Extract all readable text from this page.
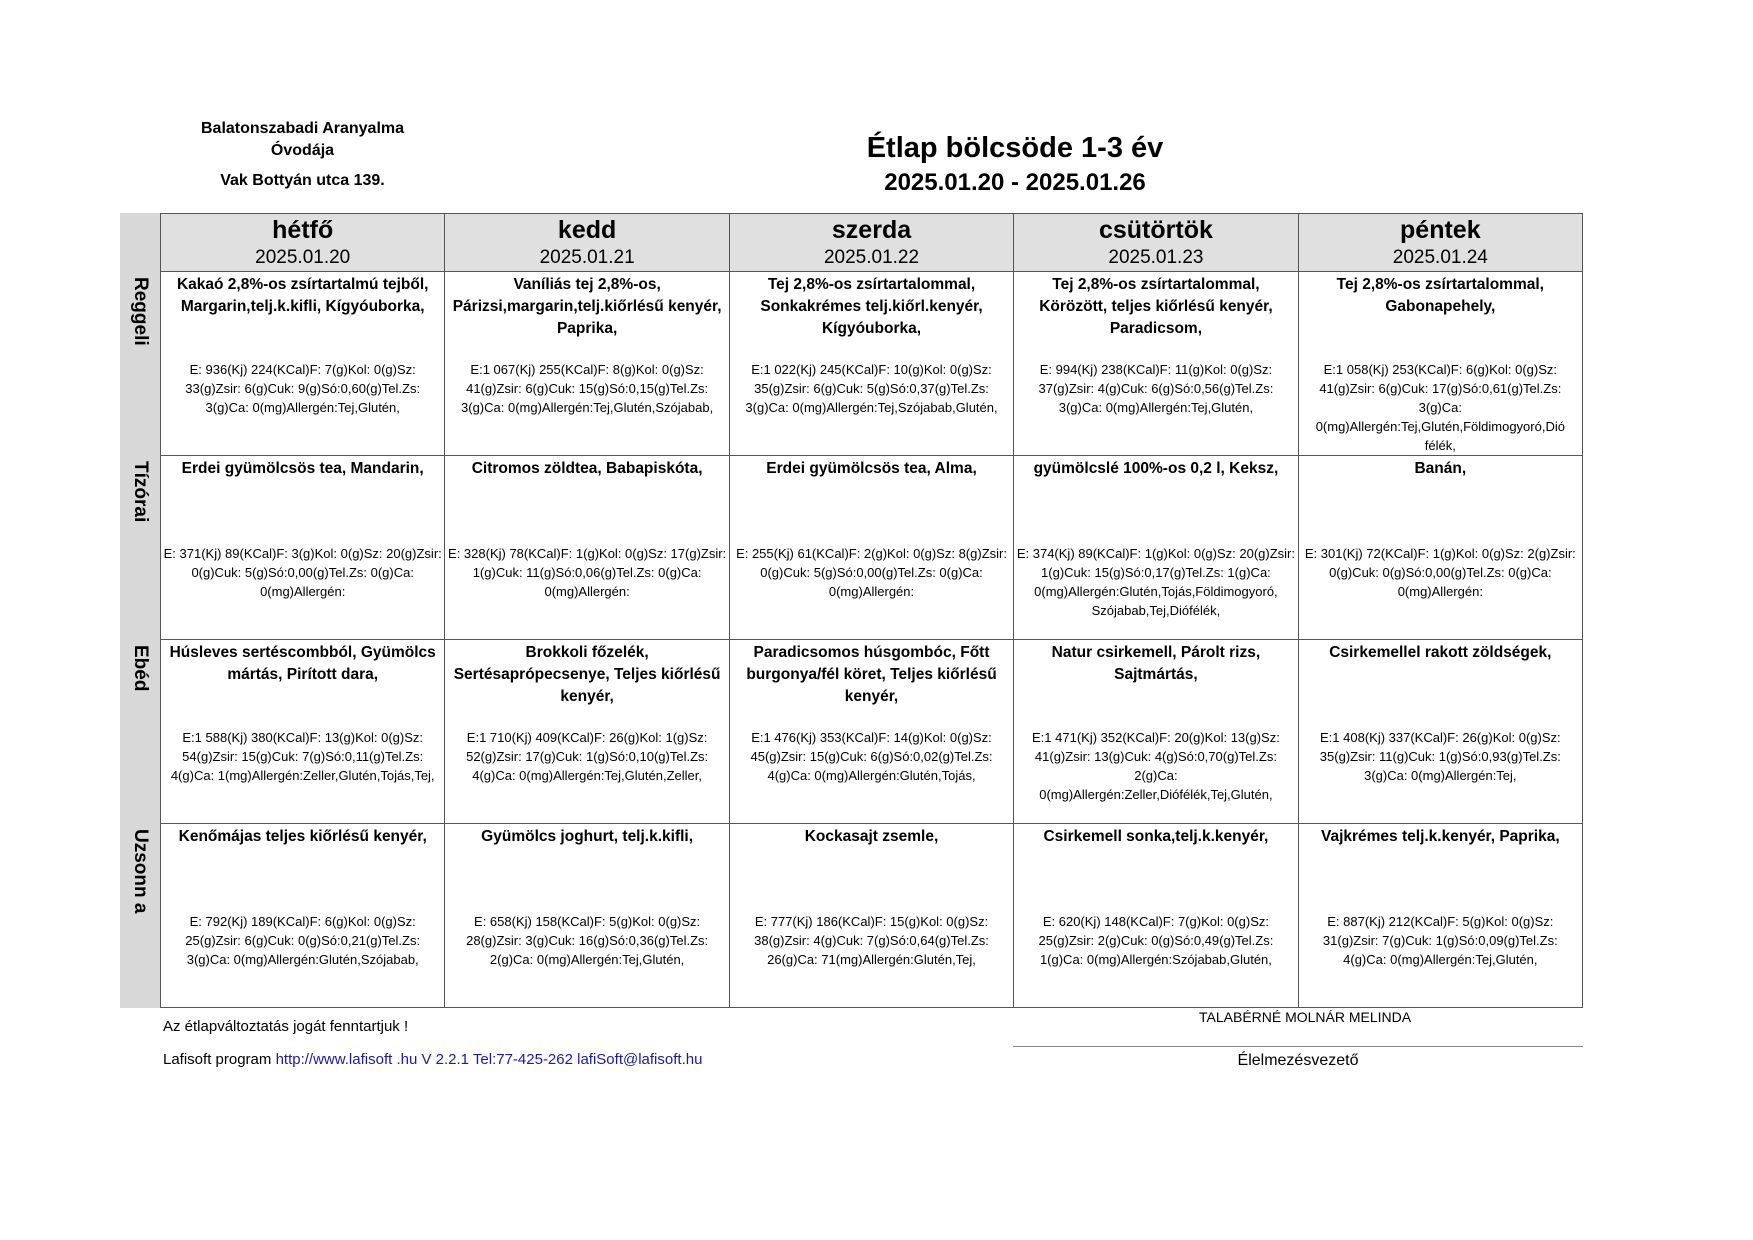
Balatonszabadi Aranyalma
Óvodája
Vak Bottyán utca 139.
Étlap bölcsöde 1-3 év
2025.01.20 - 2025.01.26
Reggeli
Tízórai
Ebéd
Uzsonn a
hétfő
2025.01.20
kedd
2025.01.21
szerda
2025.01.22
csütörtök
2025.01.23
péntek
2025.01.24
Kakaó 2,8%-os zsírtartalmú tejből, Margarin,telj.k.kifli, Kígyóuborka,
E: 936(Kj) 224(KCal)F: 7(g)Kol: 0(g)Sz: 33(g)Zsir: 6(g)Cuk: 9(g)Só:0,60(g)Tel.Zs: 3(g)Ca: 0(mg)Allergén:Tej,Glutén,
Vaníliás tej 2,8%-os, Párizsi,margarin,telj.kiőrlésű kenyér, Paprika,
E:1 067(Kj) 255(KCal)F: 8(g)Kol: 0(g)Sz: 41(g)Zsir: 6(g)Cuk: 15(g)Só:0,15(g)Tel.Zs: 3(g)Ca: 0(mg)Allergén:Tej,Glutén,Szójabab,
Tej 2,8%-os zsírtartalommal, Sonkakrémes telj.kiőrl.kenyér, Kígyóuborka,
E:1 022(Kj) 245(KCal)F: 10(g)Kol: 0(g)Sz: 35(g)Zsir: 6(g)Cuk: 5(g)Só:0,37(g)Tel.Zs: 3(g)Ca: 0(mg)Allergén:Tej,Szójabab,Glutén,
Tej 2,8%-os zsírtartalommal, Körözött, teljes kiőrlésű kenyér, Paradicsom,
E: 994(Kj) 238(KCal)F: 11(g)Kol: 0(g)Sz: 37(g)Zsir: 4(g)Cuk: 6(g)Só:0,56(g)Tel.Zs: 3(g)Ca: 0(mg)Allergén:Tej,Glutén,
Tej 2,8%-os zsírtartalommal, Gabonapehely,
E:1 058(Kj) 253(KCal)F: 6(g)Kol: 0(g)Sz: 41(g)Zsir: 6(g)Cuk: 17(g)Só:0,61(g)Tel.Zs: 3(g)Ca: 0(mg)Allergén:Tej,Glutén,Földimogyoró,Dió félék,
Erdei gyümölcsös tea, Mandarin,
E: 371(Kj) 89(KCal)F: 3(g)Kol: 0(g)Sz: 20(g)Zsir: 0(g)Cuk: 5(g)Só:0,00(g)Tel.Zs: 0(g)Ca: 0(mg)Allergén:
Citromos zöldtea, Babapiskóta,
E: 328(Kj) 78(KCal)F: 1(g)Kol: 0(g)Sz: 17(g)Zsir: 1(g)Cuk: 11(g)Só:0,06(g)Tel.Zs: 0(g)Ca: 0(mg)Allergén:
Erdei gyümölcsös tea, Alma,
E: 255(Kj) 61(KCal)F: 2(g)Kol: 0(g)Sz: 8(g)Zsir: 0(g)Cuk: 5(g)Só:0,00(g)Tel.Zs: 0(g)Ca: 0(mg)Allergén:
gyümölcslé 100%-os 0,2 l, Keksz,
E: 374(Kj) 89(KCal)F: 1(g)Kol: 0(g)Sz: 20(g)Zsir: 1(g)Cuk: 15(g)Só:0,17(g)Tel.Zs: 1(g)Ca: 0(mg)Allergén:Glutén,Tojás,Földimogyoró, Szójabab,Tej,Diófélék,
Banán,
E: 301(Kj) 72(KCal)F: 1(g)Kol: 0(g)Sz: 2(g)Zsir: 0(g)Cuk: 0(g)Só:0,00(g)Tel.Zs: 0(g)Ca: 0(mg)Allergén:
Húsleves sertéscombból, Gyümölcs mártás, Pirított dara,
E:1 588(Kj) 380(KCal)F: 13(g)Kol: 0(g)Sz: 54(g)Zsir: 15(g)Cuk: 7(g)Só:0,11(g)Tel.Zs: 4(g)Ca: 1(mg)Allergén:Zeller,Glutén,Tojás,Tej,
Brokkoli főzelék, Sertésaprópecsenye, Teljes kiőrlésű kenyér,
E:1 710(Kj) 409(KCal)F: 26(g)Kol: 1(g)Sz: 52(g)Zsir: 17(g)Cuk: 1(g)Só:0,10(g)Tel.Zs: 4(g)Ca: 0(mg)Allergén:Tej,Glutén,Zeller,
Paradicsomos húsgombóc, Főtt burgonya/fél köret, Teljes kiőrlésű kenyér,
E:1 476(Kj) 353(KCal)F: 14(g)Kol: 0(g)Sz: 45(g)Zsir: 15(g)Cuk: 6(g)Só:0,02(g)Tel.Zs: 4(g)Ca: 0(mg)Allergén:Glutén,Tojás,
Natur csirkemell, Párolt rizs, Sajtmártás,
E:1 471(Kj) 352(KCal)F: 20(g)Kol: 13(g)Sz: 41(g)Zsir: 13(g)Cuk: 4(g)Só:0,70(g)Tel.Zs: 2(g)Ca: 0(mg)Allergén:Zeller,Diófélék,Tej,Glutén,
Csirkemellel rakott zöldségek,
E:1 408(Kj) 337(KCal)F: 26(g)Kol: 0(g)Sz: 35(g)Zsir: 11(g)Cuk: 1(g)Só:0,93(g)Tel.Zs: 3(g)Ca: 0(mg)Allergén:Tej,
Kenőmájas teljes kiőrlésű kenyér,
E: 792(Kj) 189(KCal)F: 6(g)Kol: 0(g)Sz: 25(g)Zsir: 6(g)Cuk: 0(g)Só:0,21(g)Tel.Zs: 3(g)Ca: 0(mg)Allergén:Glutén,Szójabab,
Gyümölcs joghurt, telj.k.kifli,
E: 658(Kj) 158(KCal)F: 5(g)Kol: 0(g)Sz: 28(g)Zsir: 3(g)Cuk: 16(g)Só:0,36(g)Tel.Zs: 2(g)Ca: 0(mg)Allergén:Tej,Glutén,
Kockasajt zsemle,
E: 777(Kj) 186(KCal)F: 15(g)Kol: 0(g)Sz: 38(g)Zsir: 4(g)Cuk: 7(g)Só:0,64(g)Tel.Zs: 26(g)Ca: 71(mg)Allergén:Glutén,Tej,
Csirkemell sonka,telj.k.kenyér,
E: 620(Kj) 148(KCal)F: 7(g)Kol: 0(g)Sz: 25(g)Zsir: 2(g)Cuk: 0(g)Só:0,49(g)Tel.Zs: 1(g)Ca: 0(mg)Allergén:Szójabab,Glutén,
Vajkrémes telj.k.kenyér, Paprika,
E: 887(Kj) 212(KCal)F: 5(g)Kol: 0(g)Sz: 31(g)Zsir: 7(g)Cuk: 1(g)Só:0,09(g)Tel.Zs: 4(g)Ca: 0(mg)Allergén:Tej,Glutén,
Az étlapváltoztatás jogát fenntartjuk !
Lafisoft program http://www.lafisoft .hu V 2.2.1 Tel:77-425-262 lafiSoft@lafisoft.hu
TALABÉRNÉ MOLNÁR MELINDA
Élelmezésvezető
